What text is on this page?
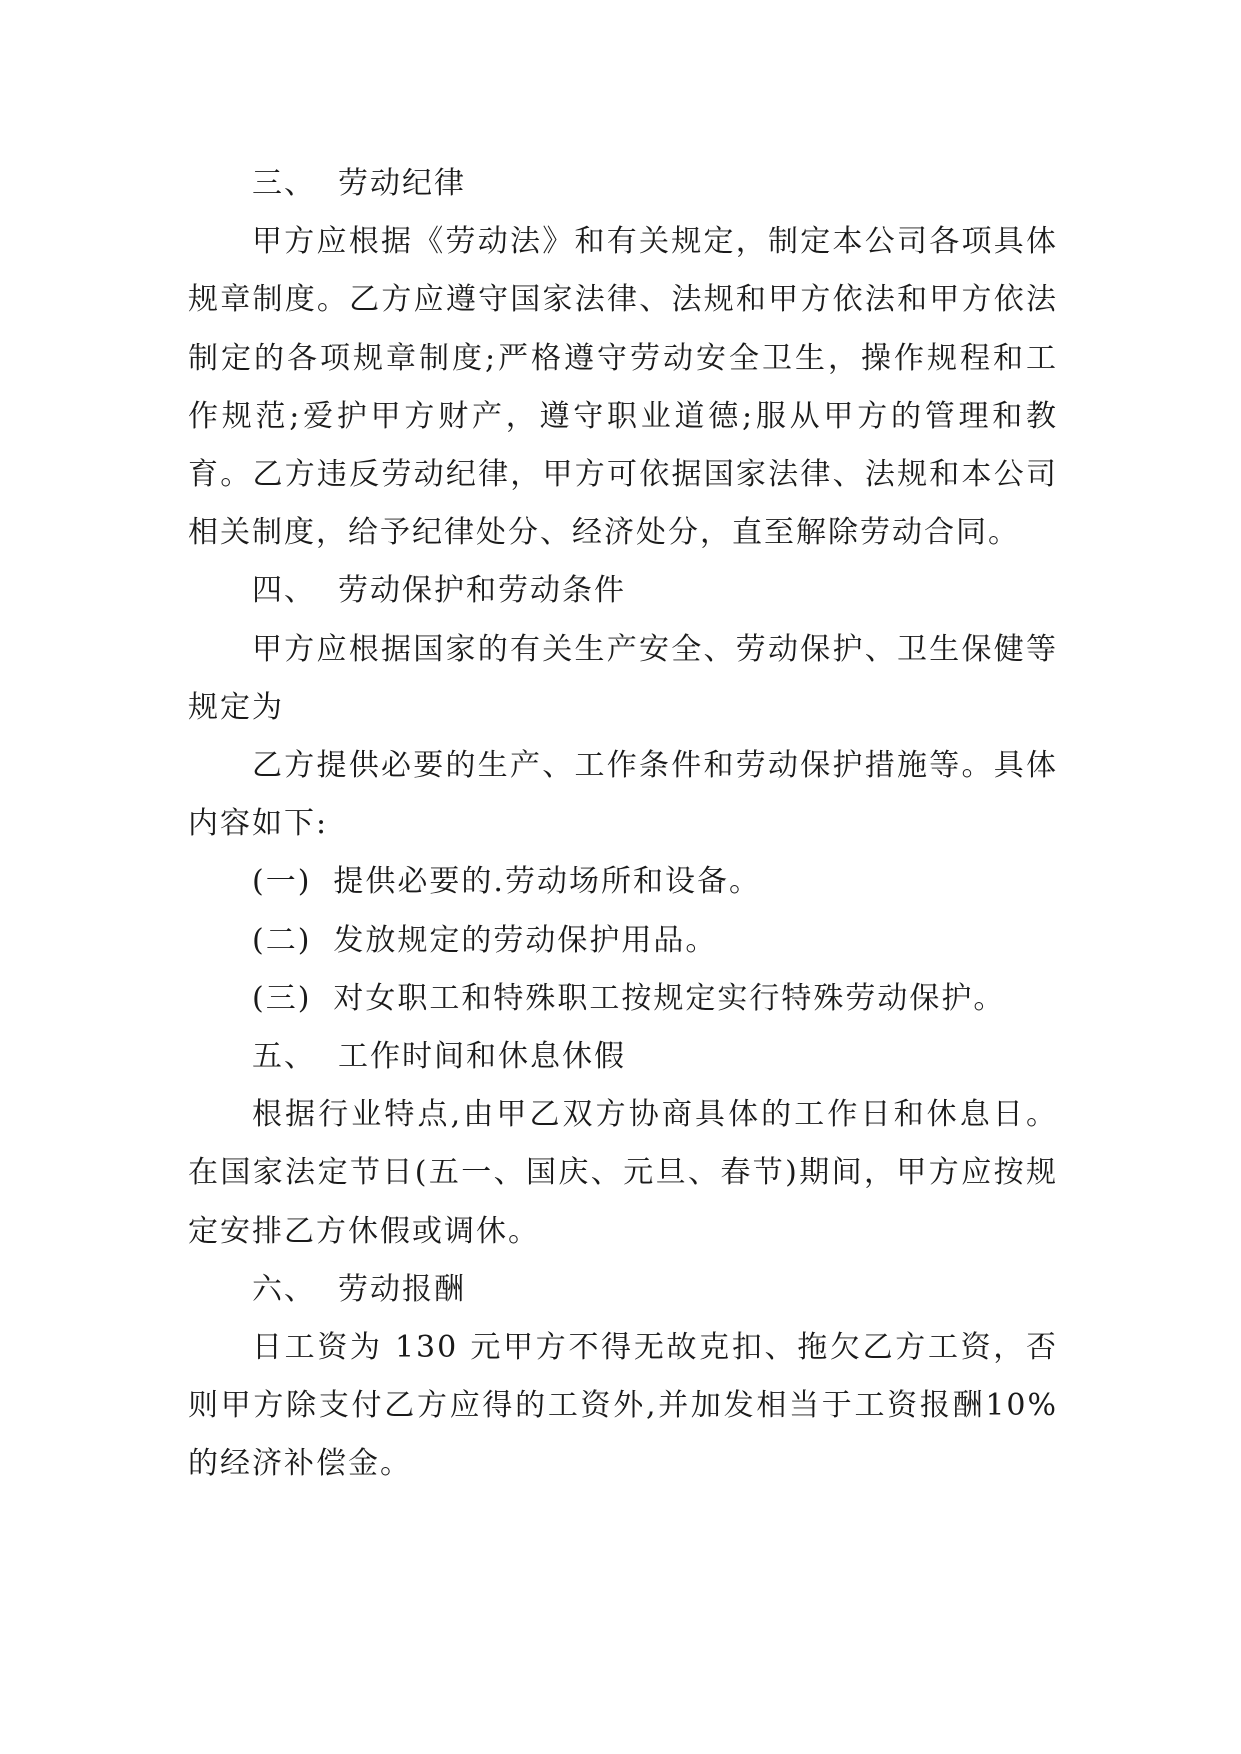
三、 劳动纪律

甲方应根据《劳动法》和有关规定，制定本公司各项具体规章制度。乙方应遵守国家法律、法规和甲方依法和甲方依法制定的各项规章制度;严格遵守劳动安全卫生，操作规程和工作规范;爱护甲方财产，遵守职业道德;服从甲方的管理和教育。乙方违反劳动纪律，甲方可依据国家法律、法规和本公司相关制度，给予纪律处分、经济处分，直至解除劳动合同。

四、 劳动保护和劳动条件

甲方应根据国家的有关生产安全、劳动保护、卫生保健等规定为

乙方提供必要的生产、工作条件和劳动保护措施等。具体内容如下:

(一) 提供必要的.劳动场所和设备。

(二) 发放规定的劳动保护用品。

(三) 对女职工和特殊职工按规定实行特殊劳动保护。

五、 工作时间和休息休假

根据行业特点,由甲乙双方协商具体的工作日和休息日。在国家法定节日(五一、国庆、元旦、春节)期间，甲方应按规定安排乙方休假或调休。

六、 劳动报酬

日工资为 130 元甲方不得无故克扣、拖欠乙方工资，否则甲方除支付乙方应得的工资外,并加发相当于工资报酬10%的经济补偿金。
